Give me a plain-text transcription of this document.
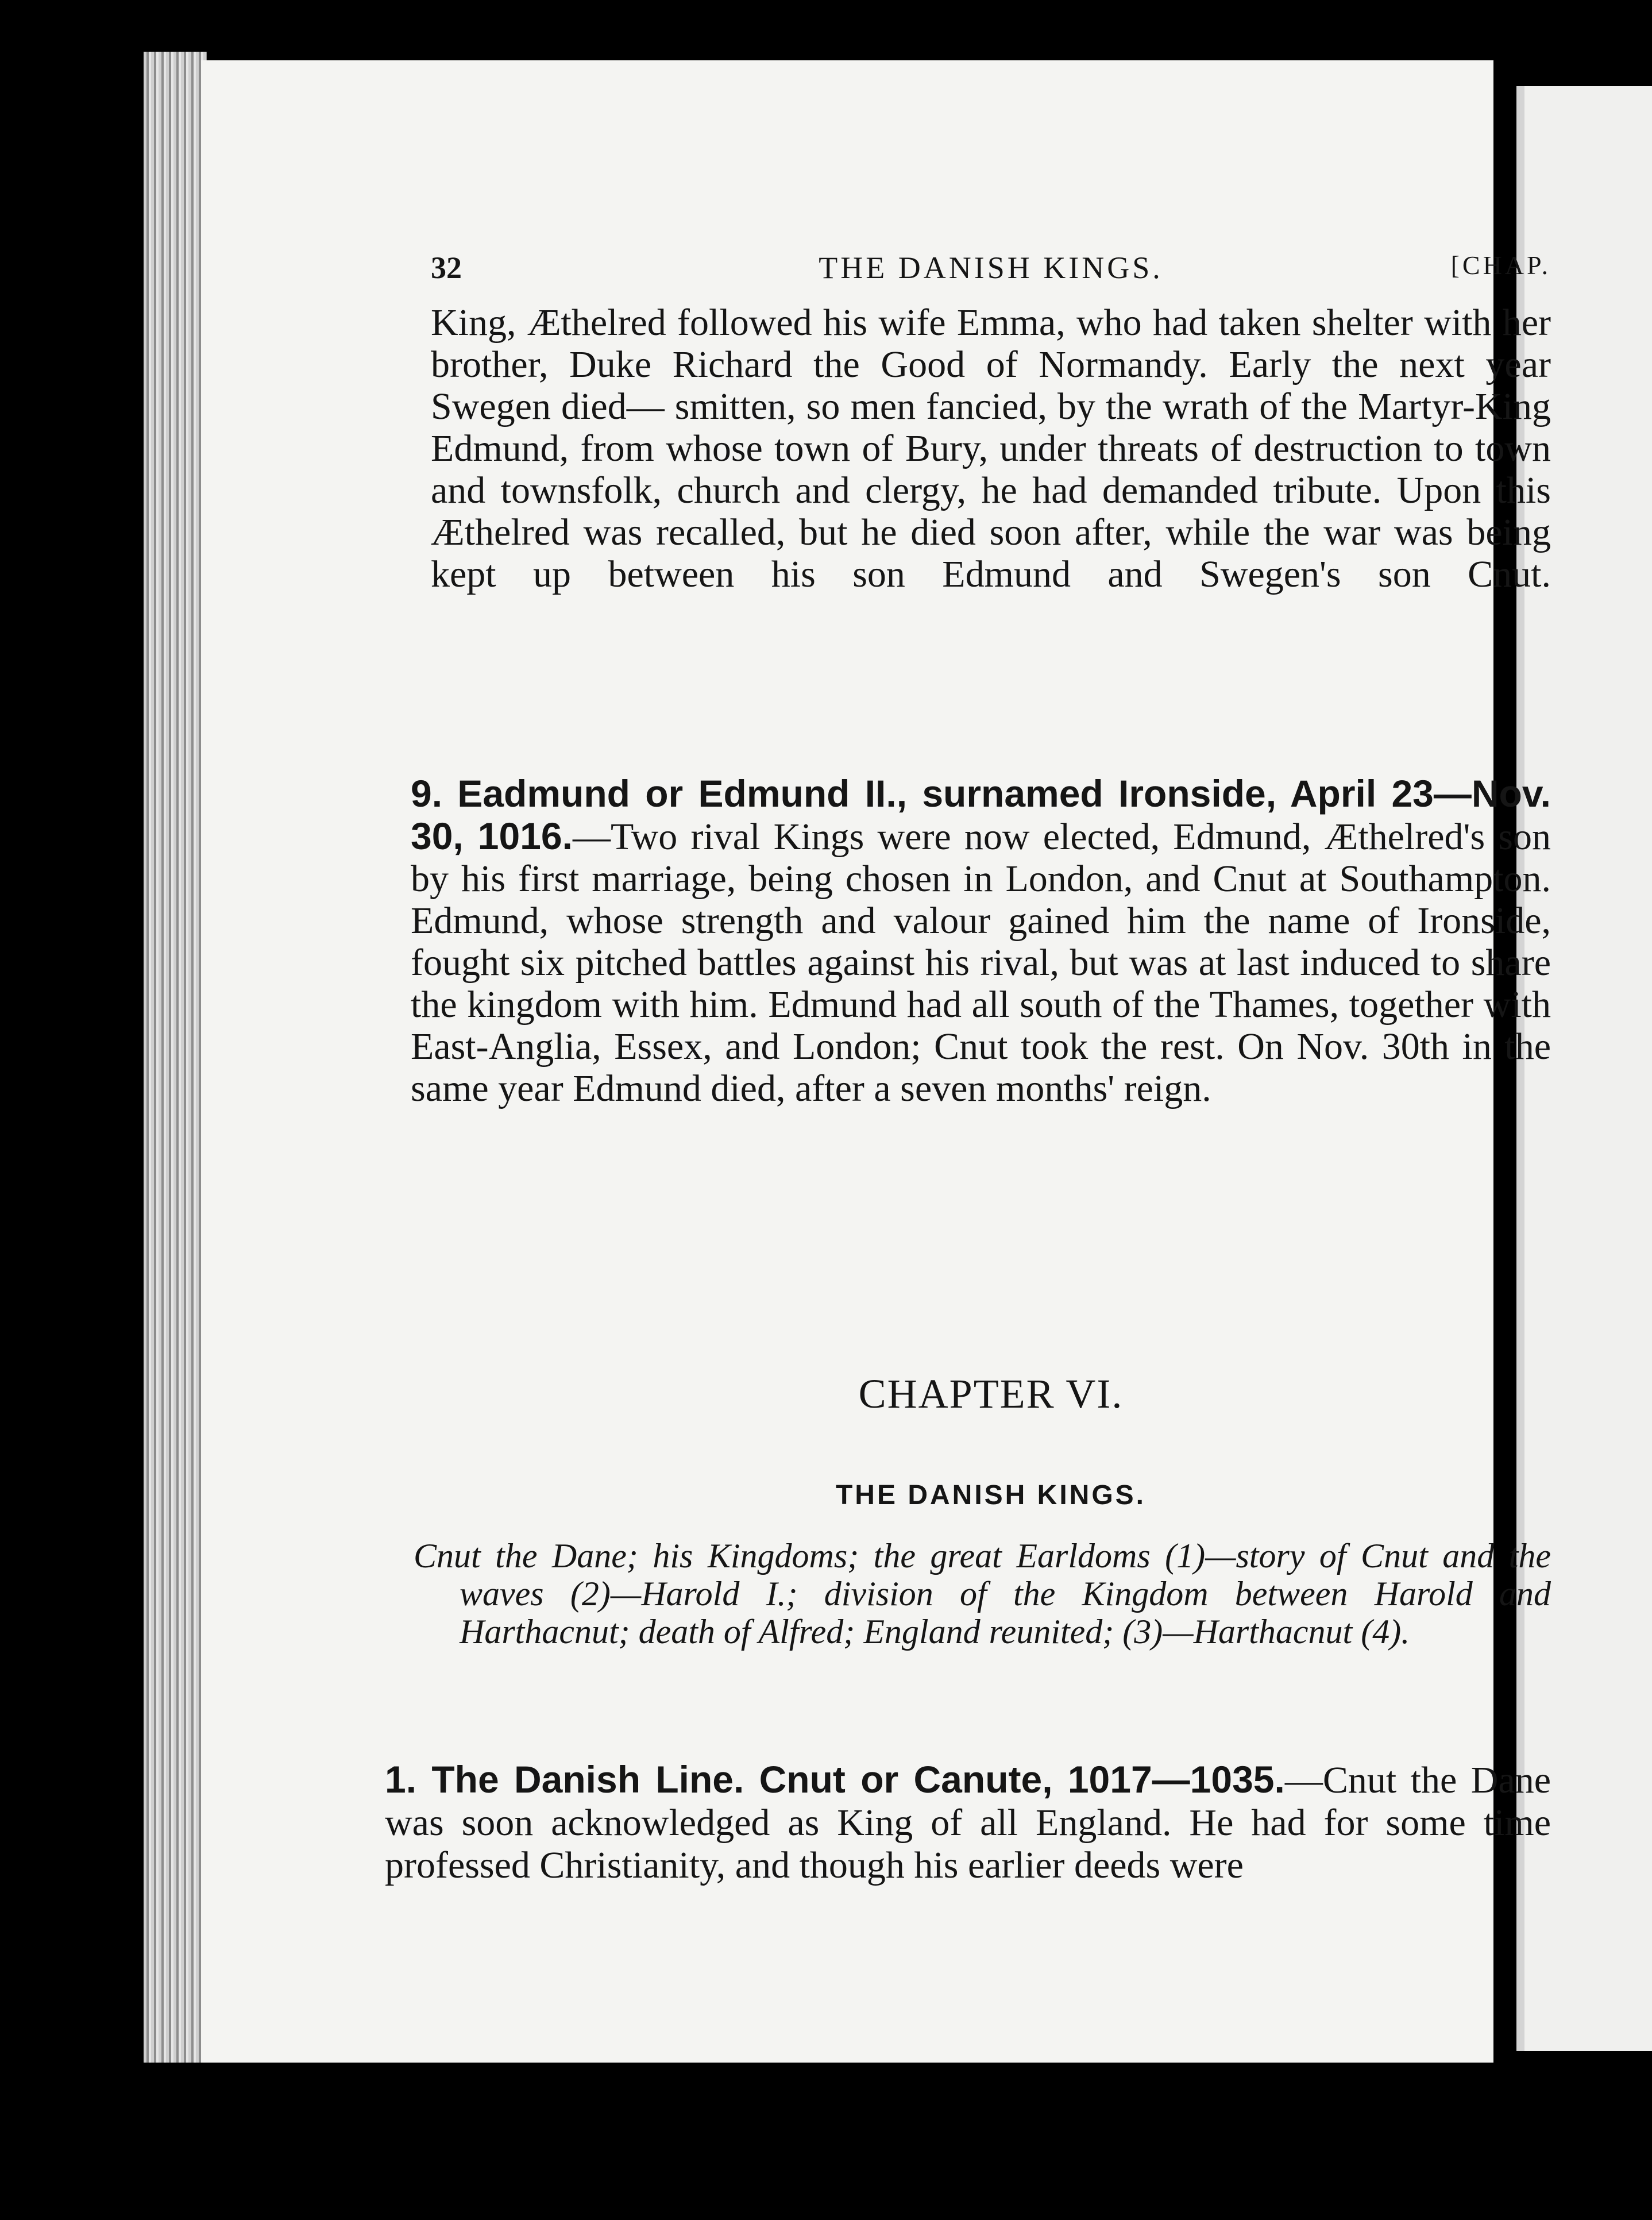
32	THE DANISH KINGS.	[CHAP.
King, Æthelred followed his wife Emma, who had taken shelter with her brother, Duke Richard the Good of Normandy. Early the next year Swegen died— smitten, so men fancied, by the wrath of the Martyr-King Edmund, from whose town of Bury, under threats of destruction to town and townsfolk, church and clergy, he had demanded tribute. Upon this Æthelred was recalled, but he died soon after, while the war was being kept up between his son Edmund and Swegen's son Cnut.
9. Eadmund or Edmund II., surnamed Ironside, April 23—Nov. 30, 1016.—Two rival Kings were now elected, Edmund, Æthelred's son by his first marriage, being chosen in London, and Cnut at Southampton. Edmund, whose strength and valour gained him the name of Ironside, fought six pitched battles against his rival, but was at last induced to share the kingdom with him. Edmund had all south of the Thames, together with East-Anglia, Essex, and London; Cnut took the rest. On Nov. 30th in the same year Edmund died, after a seven months' reign.
CHAPTER VI.
THE DANISH KINGS.
Cnut the Dane; his Kingdoms; the great Earldoms (1)—story of Cnut and the waves (2)—Harold I.; division of the Kingdom between Harold and Harthacnut; death of Alfred; England reunited; (3)—Harthacnut (4).
1. The Danish Line. Cnut or Canute, 1017—1035.—Cnut the Dane was soon acknowledged as King of all England. He had for some time professed Christianity, and though his earlier deeds were
